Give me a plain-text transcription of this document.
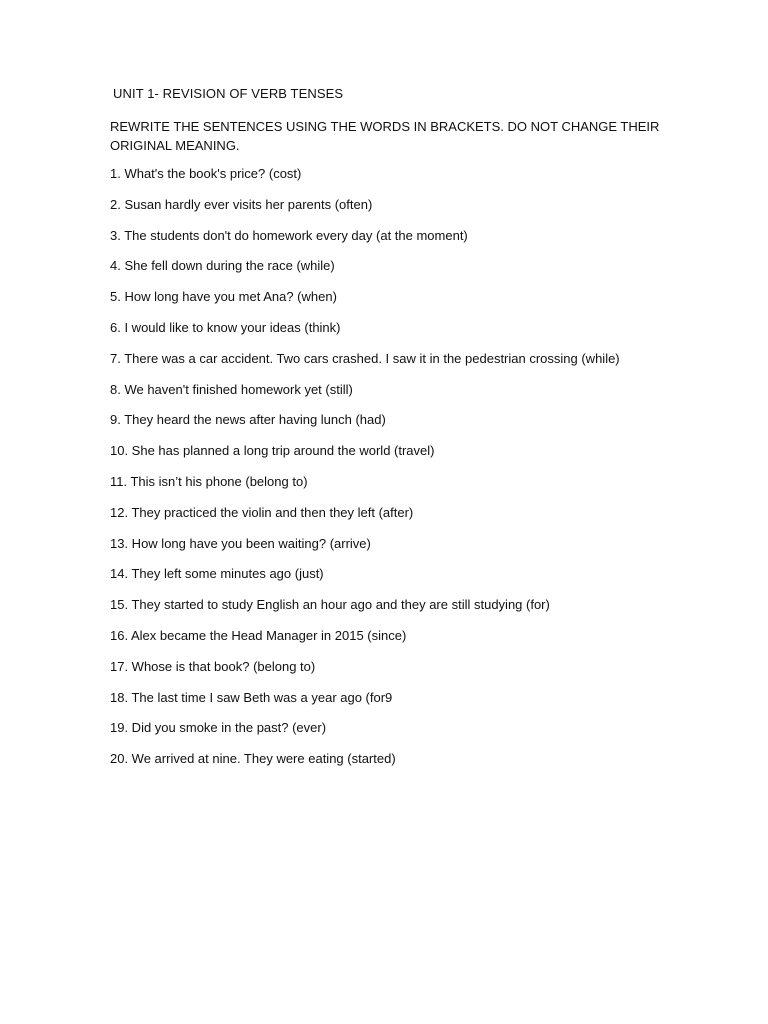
UNIT 1- REVISION OF VERB TENSES
REWRITE THE SENTENCES USING THE WORDS IN BRACKETS. DO NOT CHANGE THEIR ORIGINAL MEANING.
1. What's the book's price? (cost)
2. Susan hardly ever visits her parents (often)
3. The students don't do homework every day (at the moment)
4. She fell down during the race (while)
5. How long have you met Ana? (when)
6. I would like to know your ideas (think)
7. There was a car accident. Two cars crashed. I saw it in the pedestrian crossing (while)
8. We haven't finished homework yet (still)
9. They heard the news after having lunch (had)
10. She has planned a long trip around the world (travel)
11. This isn’t his phone (belong to)
12. They practiced the violin and then they left (after)
13. How long have you been waiting? (arrive)
14. They left some minutes ago (just)
15. They started to study English an hour ago and they are still studying (for)
16. Alex became the Head Manager in 2015 (since)
17. Whose is that book? (belong to)
18. The last time I saw Beth was a year ago (for9
19. Did you smoke in the past? (ever)
20. We arrived at nine. They were eating (started)
